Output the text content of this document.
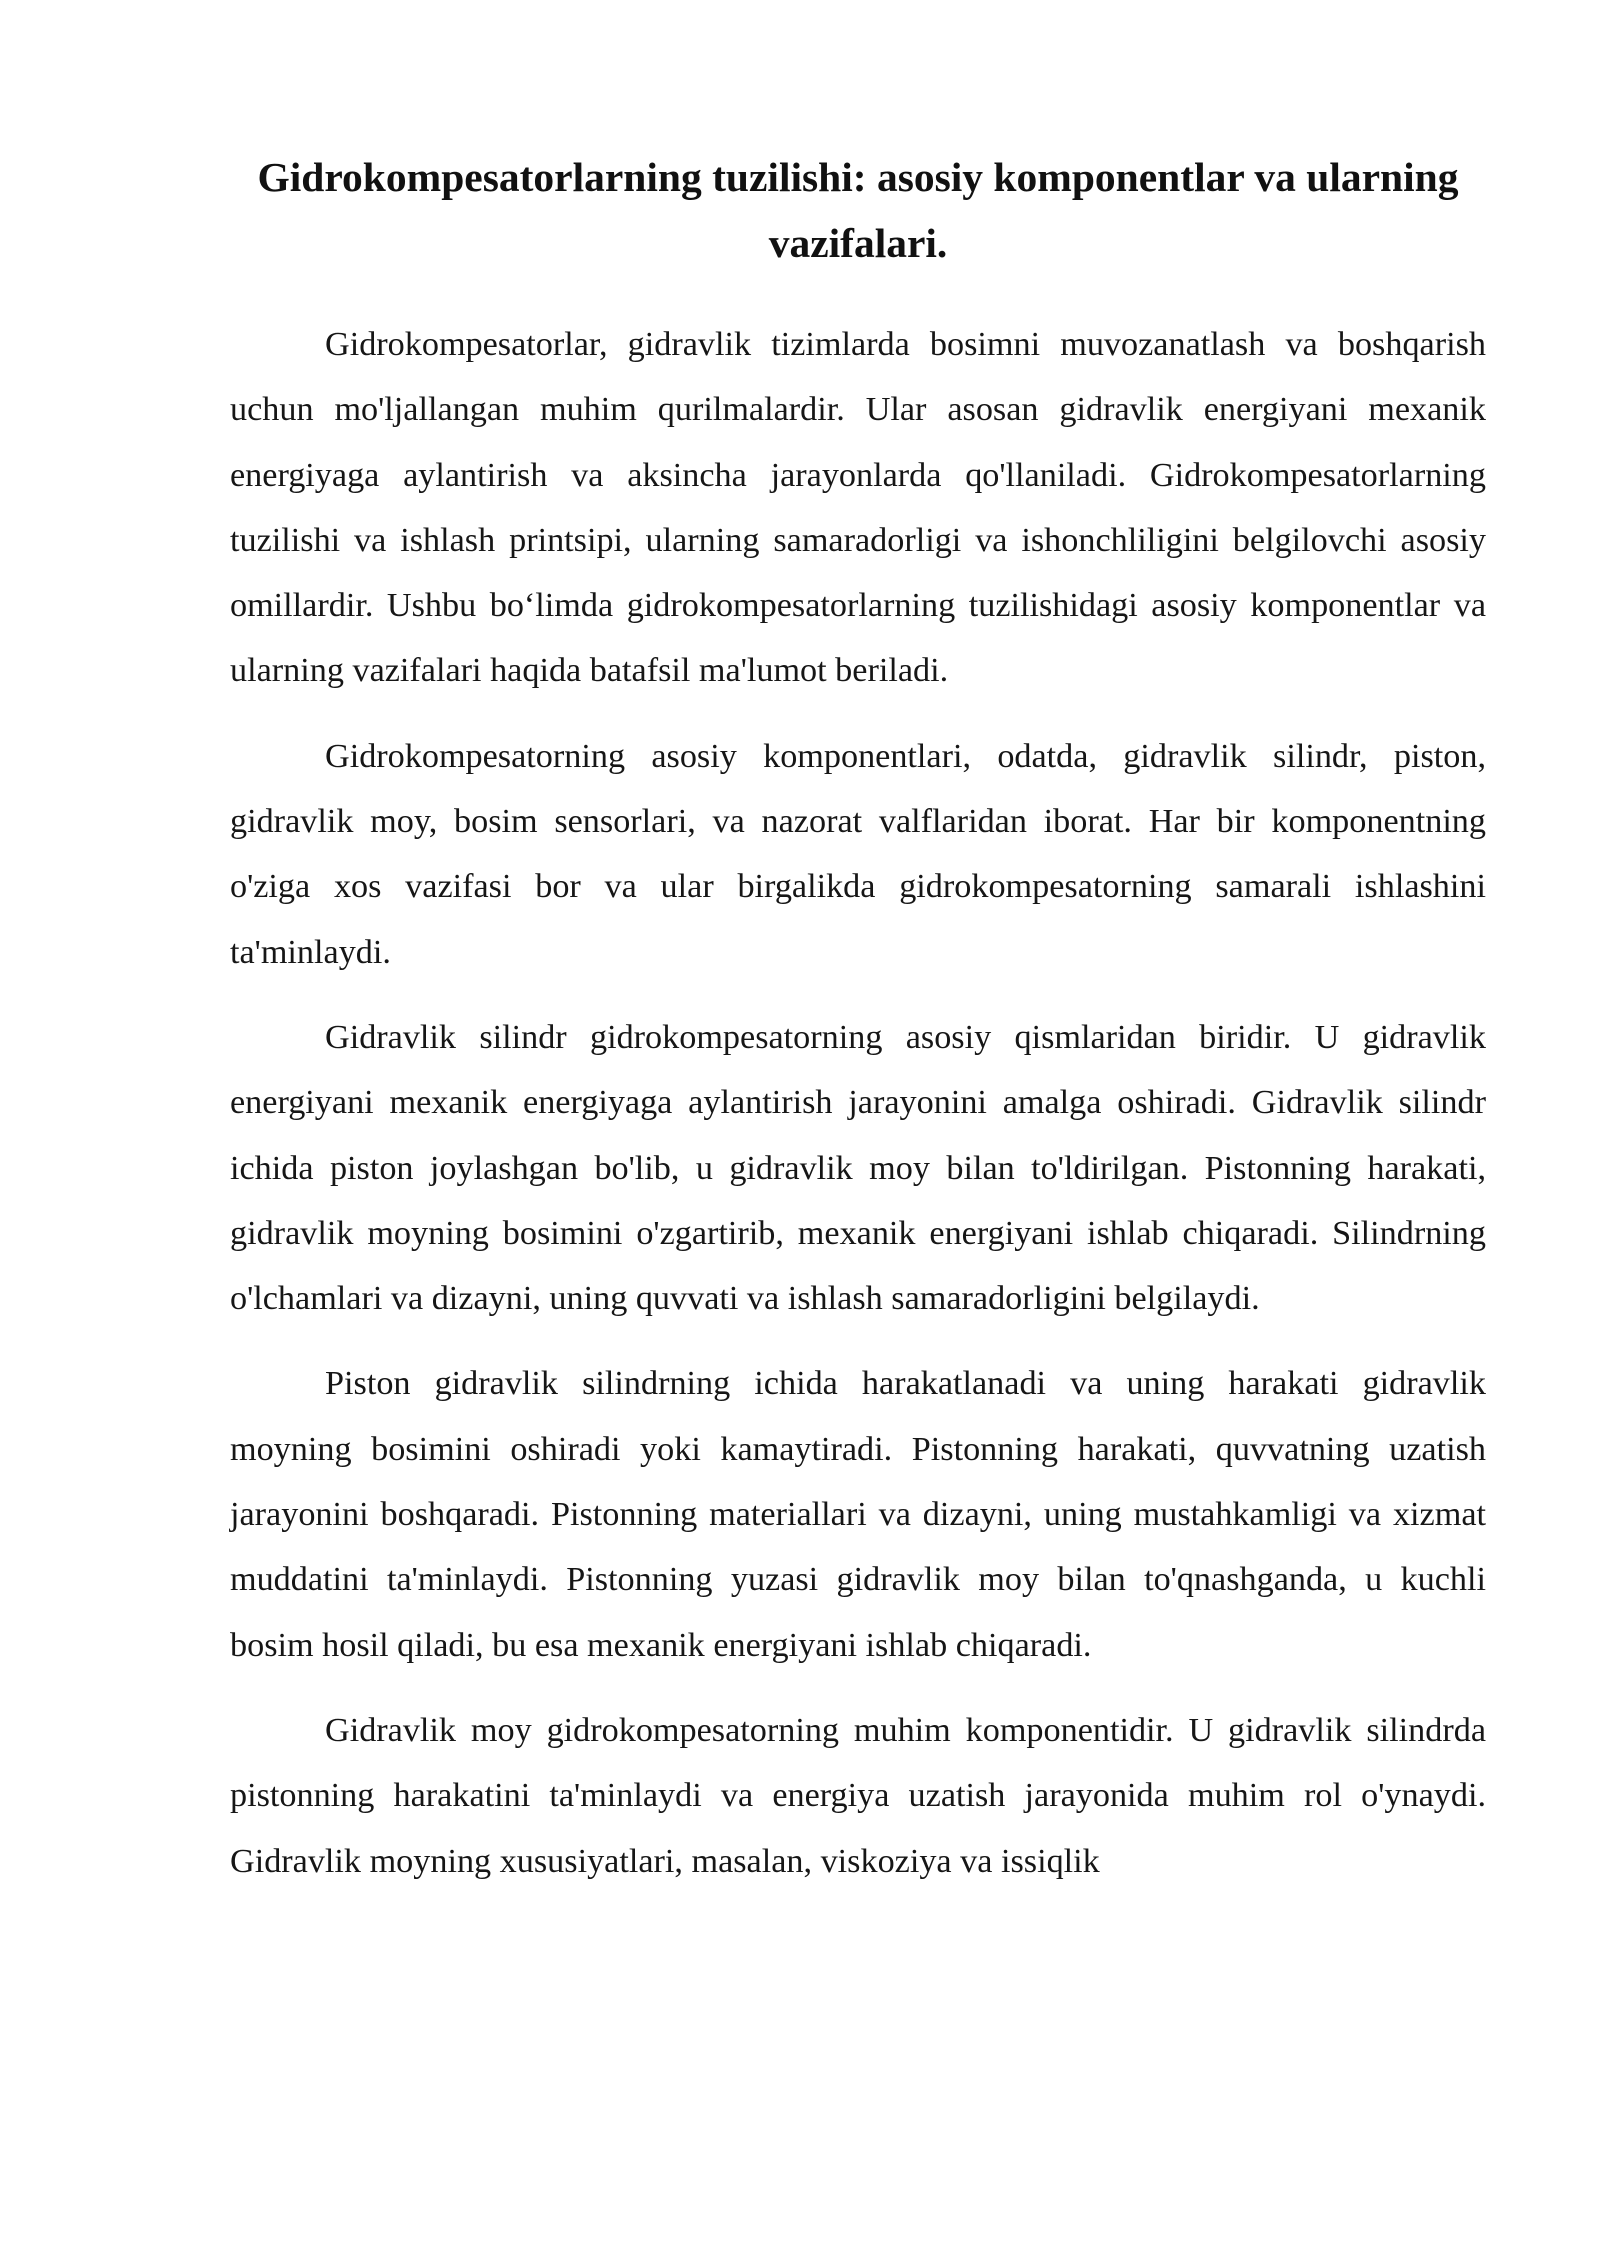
Gidrokompesatorlarning tuzilishi: asosiy komponentlar va ularning vazifalari.

Gidrokompesatorlar, gidravlik tizimlarda bosimni muvozanatlash va boshqarish uchun mo'ljallangan muhim qurilmalardir. Ular asosan gidravlik energiyani mexanik energiyaga aylantirish va aksincha jarayonlarda qo'llaniladi. Gidrokompesatorlarning tuzilishi va ishlash printsipi, ularning samaradorligi va ishonchliligini belgilovchi asosiy omillardir. Ushbu bo‘limda gidrokompesatorlarning tuzilishidagi asosiy komponentlar va ularning vazifalari haqida batafsil ma'lumot beriladi.

Gidrokompesatorning asosiy komponentlari, odatda, gidravlik silindr, piston, gidravlik moy, bosim sensorlari, va nazorat valflaridan iborat. Har bir komponentning o'ziga xos vazifasi bor va ular birgalikda gidrokompesatorning samarali ishlashini ta'minlaydi.

Gidravlik silindr gidrokompesatorning asosiy qismlaridan biridir. U gidravlik energiyani mexanik energiyaga aylantirish jarayonini amalga oshiradi. Gidravlik silindr ichida piston joylashgan bo'lib, u gidravlik moy bilan to'ldirilgan. Pistonning harakati, gidravlik moyning bosimini o'zgartirib, mexanik energiyani ishlab chiqaradi. Silindrning o'lchamlari va dizayni, uning quvvati va ishlash samaradorligini belgilaydi.

Piston gidravlik silindrning ichida harakatlanadi va uning harakati gidravlik moyning bosimini oshiradi yoki kamaytiradi. Pistonning harakati, quvvatning uzatish jarayonini boshqaradi. Pistonning materiallari va dizayni, uning mustahkamligi va xizmat muddatini ta'minlaydi. Pistonning yuzasi gidravlik moy bilan to'qnashganda, u kuchli bosim hosil qiladi, bu esa mexanik energiyani ishlab chiqaradi.

Gidravlik moy gidrokompesatorning muhim komponentidir. U gidravlik silindrda pistonning harakatini ta'minlaydi va energiya uzatish jarayonida muhim rol o'ynaydi. Gidravlik moyning xususiyatlari, masalan, viskoziya va issiqlik
